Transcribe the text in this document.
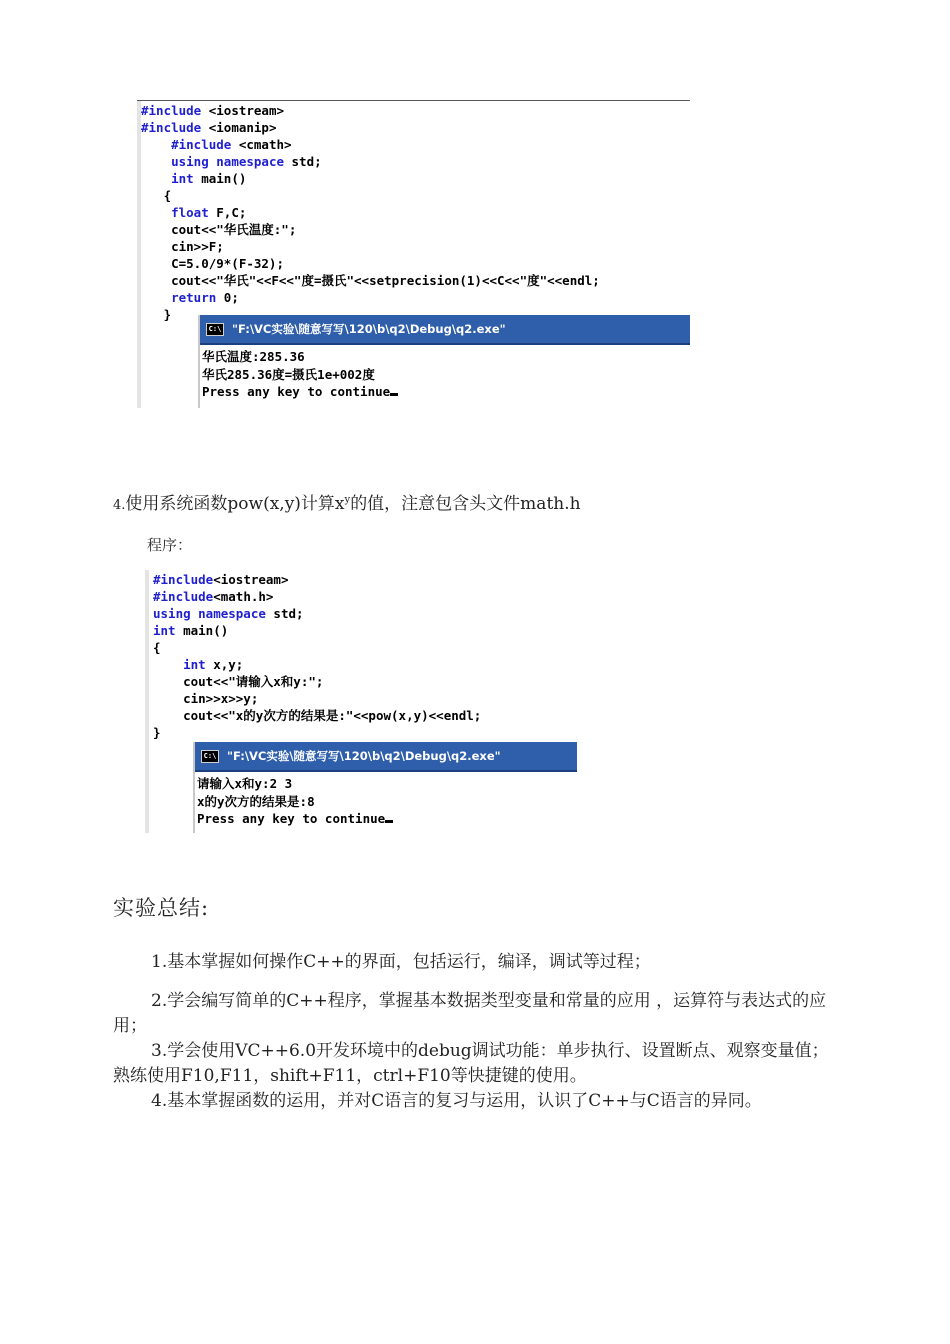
#include <iostream>
#include <iomanip>
#include <cmath>
using namespace std;
int main()
{
float F,C;
cout<<"华氏温度:";
cin>>F;
C=5.0/9*(F-32);
cout<<"华氏"<<F<<"度=摄氏"<<setprecision(1)<<C<<"度"<<endl;
return 0;
}
C:\ "F:\VC实验\随意写写\120\b\q2\Debug\q2.exe"
华氏温度:285.36
华氏285.36度=摄氏1e+002度
Press any key to continue
4.使用系统函数pow(x,y)计算$x^y$的值，注意包含头文件math.h
程序：
#include<iostream>
#include<math.h>
using namespace std;
int main()
{
int x,y;
cout<<"请输入x和y:";
cin>>x>>y;
cout<<"x的y次方的结果是:"<<pow(x,y)<<endl;
}
C:\ "F:\VC实验\随意写写\120\b\q2\Debug\q2.exe"
请输入x和y:2 3
x的y次方的结果是:8
Press any key to continue
实验总结:
1.基本掌握如何操作C++的界面，包括运行，编译，调试等过程；
2.学会编写简单的C++程序，掌握基本数据类型变量和常量的应用 ，运算符与表达式的应用；
3.学会使用VC++6.0开发环境中的debug调试功能：单步执行、设置断点、观察变量值；熟练使用F10,F11，shift+F11，ctrl+F10等快捷键的使用。
4.基本掌握函数的运用，并对C语言的复习与运用，认识了C++与C语言的异同。
